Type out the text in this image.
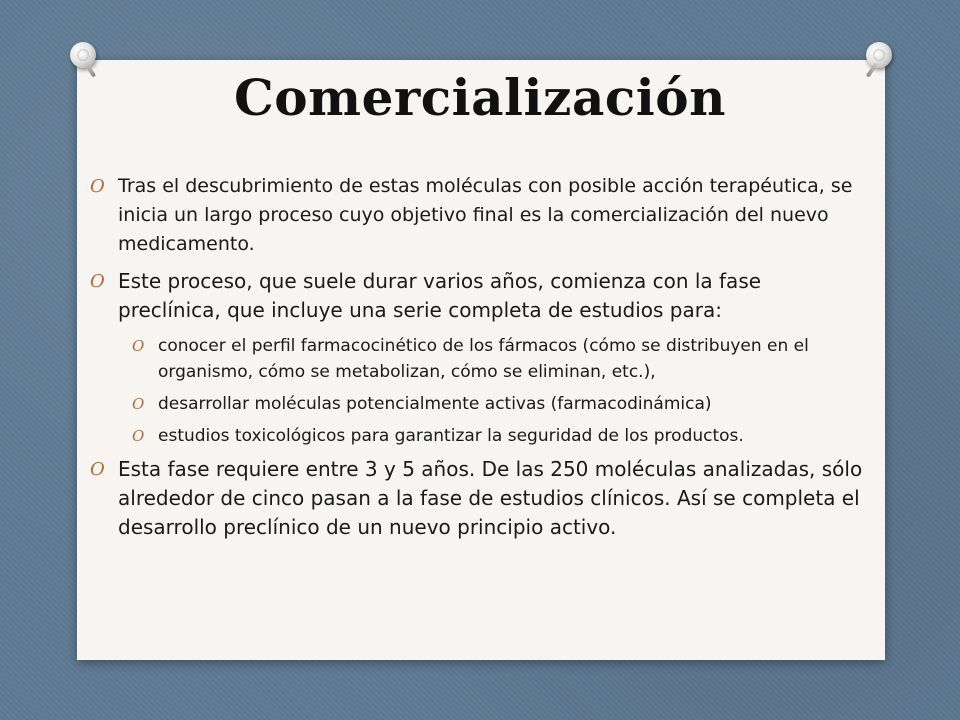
Comercialización
O Tras el descubrimiento de estas moléculas con posible acción terapéutica, se inicia un largo proceso cuyo objetivo final es la comercialización del nuevo medicamento.
O Este proceso, que suele durar varios años, comienza con la fase preclínica, que incluye una serie completa de estudios para:
O conocer el perfil farmacocinético de los fármacos (cómo se distribuyen en el organismo, cómo se metabolizan, cómo se eliminan, etc.),
O desarrollar moléculas potencialmente activas (farmacodinámica)
O estudios toxicológicos para garantizar la seguridad de los productos.
O Esta fase requiere entre 3 y 5 años. De las 250 moléculas analizadas, sólo alrededor de cinco pasan a la fase de estudios clínicos. Así se completa el desarrollo preclínico de un nuevo principio activo.
